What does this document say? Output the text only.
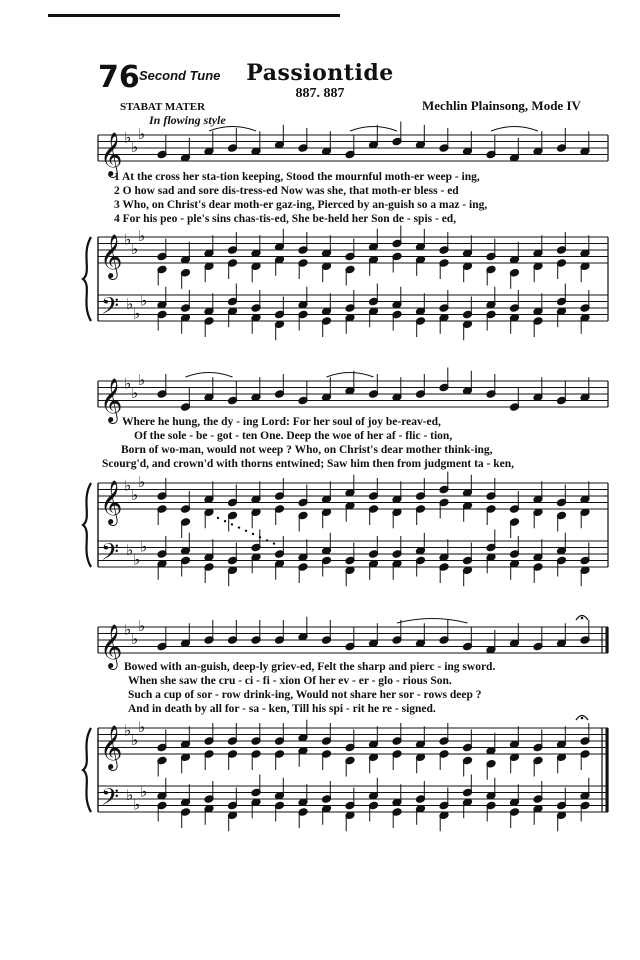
76 Second Tune	Passiontide
887. 887
STABAT MATER	Mechlin Plainsong, Mode IV
In flowing style
𝄞 ♭
♭
♭
𝄞 ♭
♭
♭
𝄢 ♭
♭
♭
𝄞 ♭
♭
♭
𝄞 ♭
♭
♭
𝄢 ♭
♭
♭
𝄞 ♭
♭
♭
𝄞 ♭
♭
♭
𝄢 ♭
♭
♭
1 At the cross her sta-tion keeping, Stood the mournful moth-er weep - ing,
2 O how sad and sore dis-tress-ed Now was she, that moth-er bless - ed
3 Who, on Christ's dear moth-er gaz-ing, Pierced by an-guish so a maz - ing,
4 For his peo - ple's sins chas-tis-ed, She be-held her Son de - spis - ed,
Where he hung, the dy - ing Lord: For her soul of joy be-reav-ed,
Of the sole - be - got - ten One. Deep the woe of her af - flic - tion,
Born of wo-man, would not weep ? Who, on Christ's dear mother think-ing,
Scourg'd, and crown'd with thorns entwined; Saw him then from judgment ta - ken,
Bowed with an-guish, deep-ly griev-ed, Felt the sharp and pierc - ing sword.
When she saw the cru - ci - fi - xion Of her ev - er - glo - rious Son.
Such a cup of sor - row drink-ing, Would not share her sor - rows deep ?
And in death by all for - sa - ken, Till his spi - rit he re - signed.
